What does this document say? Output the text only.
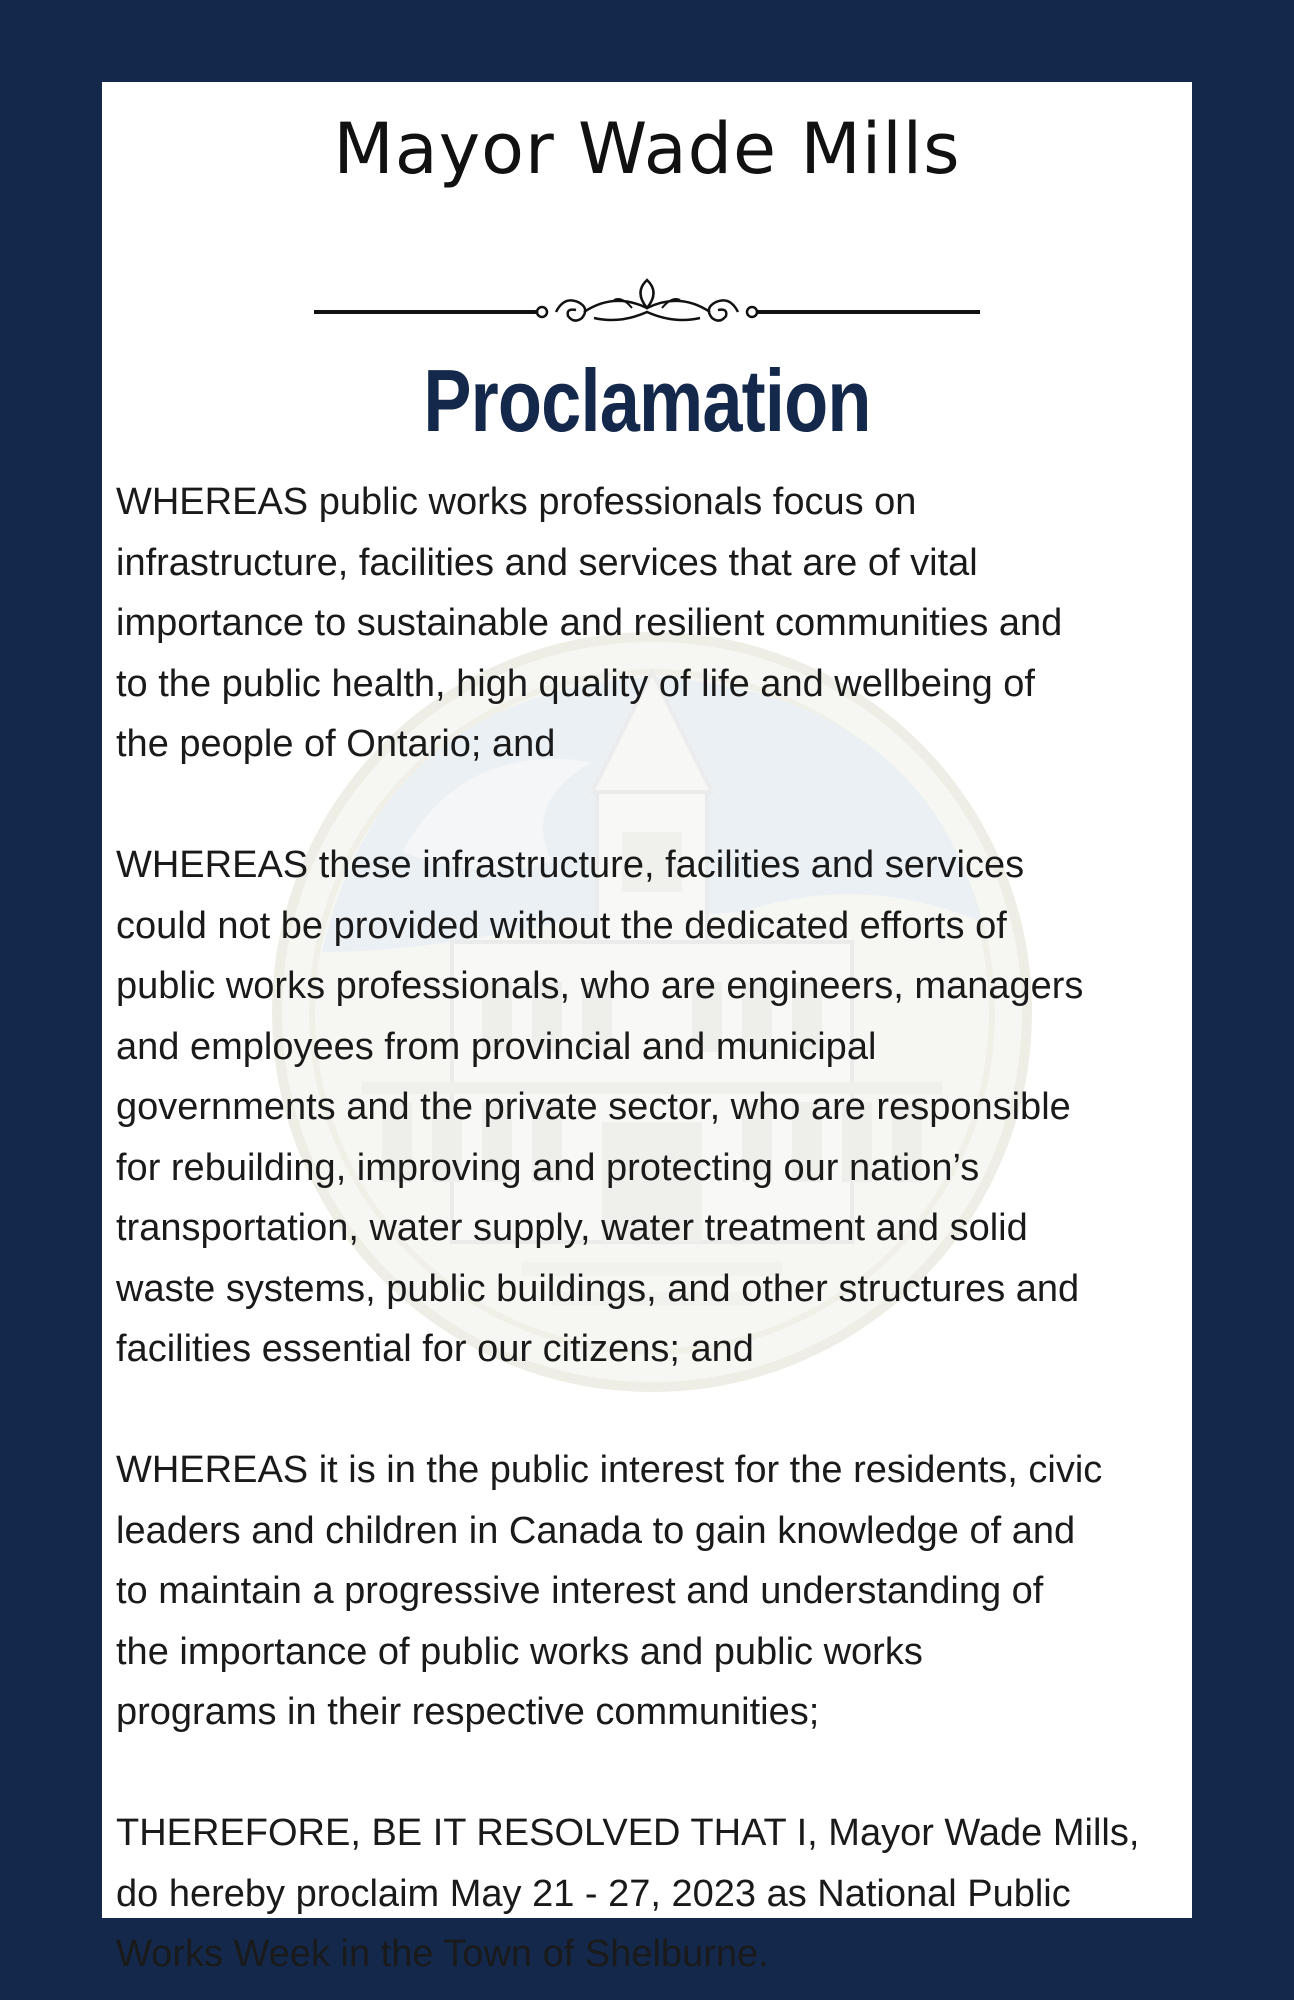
Mayor Wade Mills
Proclamation

WHEREAS public works professionals focus on
infrastructure, facilities and services that are of vital
importance to sustainable and resilient communities and
to the public health, high quality of life and wellbeing of
the people of Ontario; and

WHEREAS these infrastructure, facilities and services
could not be provided without the dedicated efforts of
public works professionals, who are engineers, managers
and employees from provincial and municipal
governments and the private sector, who are responsible
for rebuilding, improving and protecting our nation’s
transportation, water supply, water treatment and solid
waste systems, public buildings, and other structures and
facilities essential for our citizens; and

WHEREAS it is in the public interest for the residents, civic
leaders and children in Canada to gain knowledge of and
to maintain a progressive interest and understanding of
the importance of public works and public works
programs in their respective communities;

THEREFORE, BE IT RESOLVED THAT I, Mayor Wade Mills,
do hereby proclaim May 21 - 27, 2023 as National Public
Works Week in the Town of Shelburne.
